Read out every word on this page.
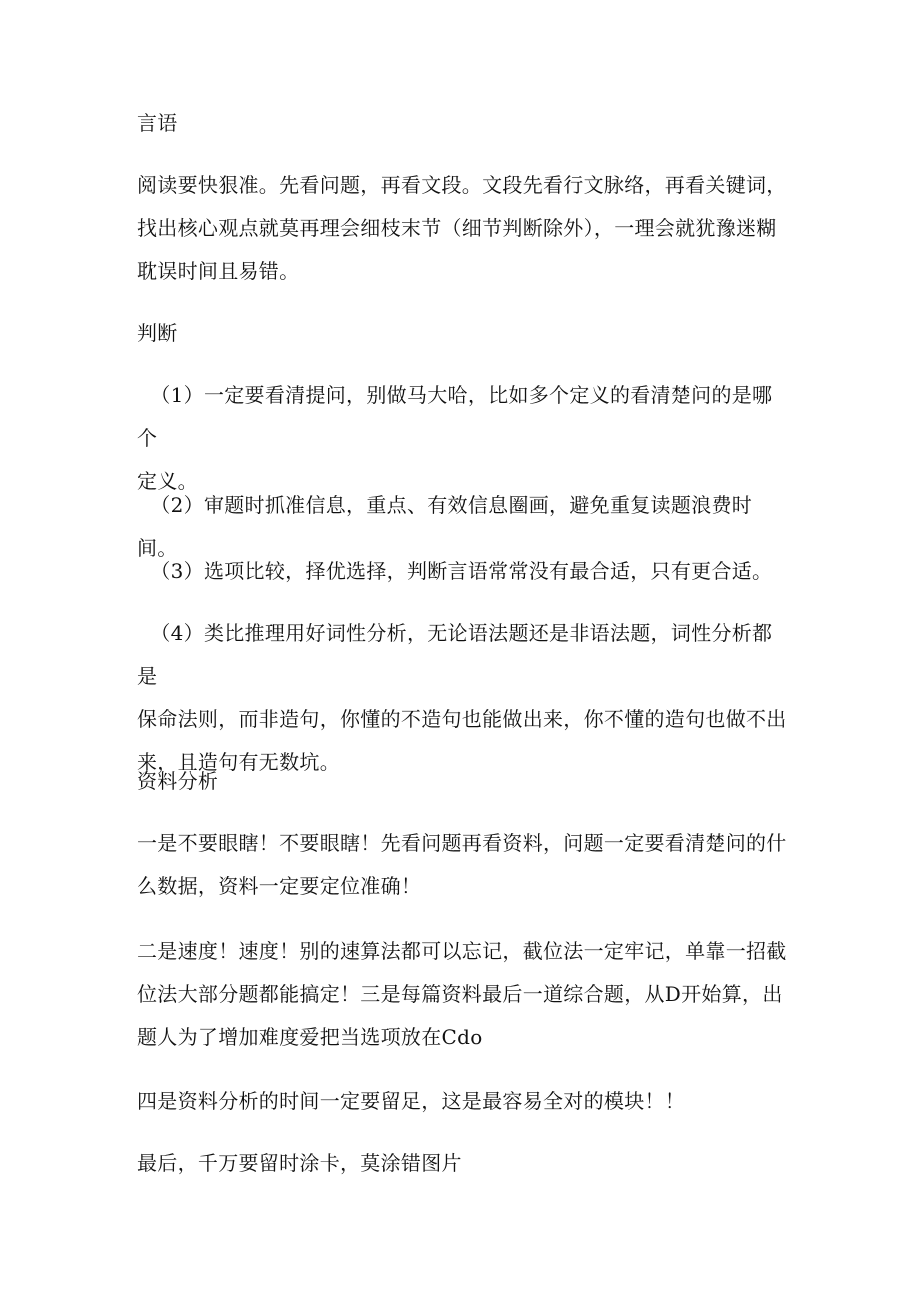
言语

阅读要快狠准。先看问题，再看文段。文段先看行文脉络，再看关键词，
找出核心观点就莫再理会细枝末节（细节判断除外），一理会就犹豫迷糊
耽误时间且易错。

判断

（1）一定要看清提问，别做马大哈，比如多个定义的看清楚问的是哪个
定义。

（2）审题时抓准信息，重点、有效信息圈画，避免重复读题浪费时间。

（3）选项比较，择优选择，判断言语常常没有最合适，只有更合适。

（4）类比推理用好词性分析，无论语法题还是非语法题，词性分析都是
保命法则，而非造句，你懂的不造句也能做出来，你不懂的造句也做不出
来，且造句有无数坑。

资料分析

一是不要眼瞎！不要眼瞎！先看问题再看资料，问题一定要看清楚问的什
么数据，资料一定要定位准确！

二是速度！速度！别的速算法都可以忘记，截位法一定牢记，单靠一招截
位法大部分题都能搞定！三是每篇资料最后一道综合题，从D开始算，出
题人为了增加难度爱把当选项放在Cdo

四是资料分析的时间一定要留足，这是最容易全对的模块！！

最后，千万要留时涂卡，莫涂错图片
